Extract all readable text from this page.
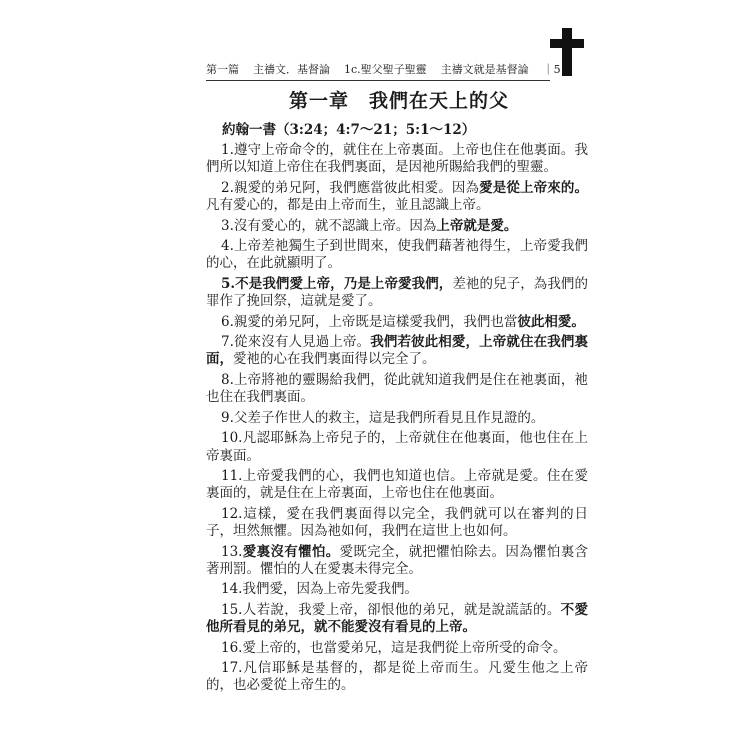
第一篇 主禱文．基督論 1c.聖父聖子聖靈 主禱文就是基督論 ｜5
第一章　我們在天上的父
約翰一書（3:24；4:7～21；5:1～12）

1.遵守上帝命令的，就住在上帝裏面。上帝也住在他裏面。我們所以知道上帝住在我們裏面，是因祂所賜給我們的聖靈。

2.親愛的弟兄阿，我們應當彼此相愛。因為愛是從上帝來的。凡有愛心的，都是由上帝而生，並且認識上帝。

3.沒有愛心的，就不認識上帝。因為上帝就是愛。

4.上帝差祂獨生子到世間來，使我們藉著祂得生，上帝愛我們的心，在此就顯明了。

5.不是我們愛上帝，乃是上帝愛我們，差祂的兒子，為我們的罪作了挽回祭，這就是愛了。

6.親愛的弟兄阿，上帝既是這樣愛我們，我們也當彼此相愛。

7.從來沒有人見過上帝。我們若彼此相愛，上帝就住在我們裏面，愛祂的心在我們裏面得以完全了。

8.上帝將祂的靈賜給我們，從此就知道我們是住在祂裏面，祂也住在我們裏面。

9.父差子作世人的救主，這是我們所看見且作見證的。

10.凡認耶穌為上帝兒子的，上帝就住在他裏面，他也住在上帝裏面。

11.上帝愛我們的心，我們也知道也信。上帝就是愛。住在愛裏面的，就是住在上帝裏面，上帝也住在他裏面。

12.這樣，愛在我們裏面得以完全，我們就可以在審判的日子，坦然無懼。因為祂如何，我們在這世上也如何。

13.愛裏沒有懼怕。愛既完全，就把懼怕除去。因為懼怕裏含著刑罰。懼怕的人在愛裏未得完全。

14.我們愛，因為上帝先愛我們。

15.人若說，我愛上帝，卻恨他的弟兄，就是說謊話的。不愛他所看見的弟兄，就不能愛沒有看見的上帝。

16.愛上帝的，也當愛弟兄，這是我們從上帝所受的命令。

17.凡信耶穌是基督的，都是從上帝而生。凡愛生他之上帝的，也必愛從上帝生的。
